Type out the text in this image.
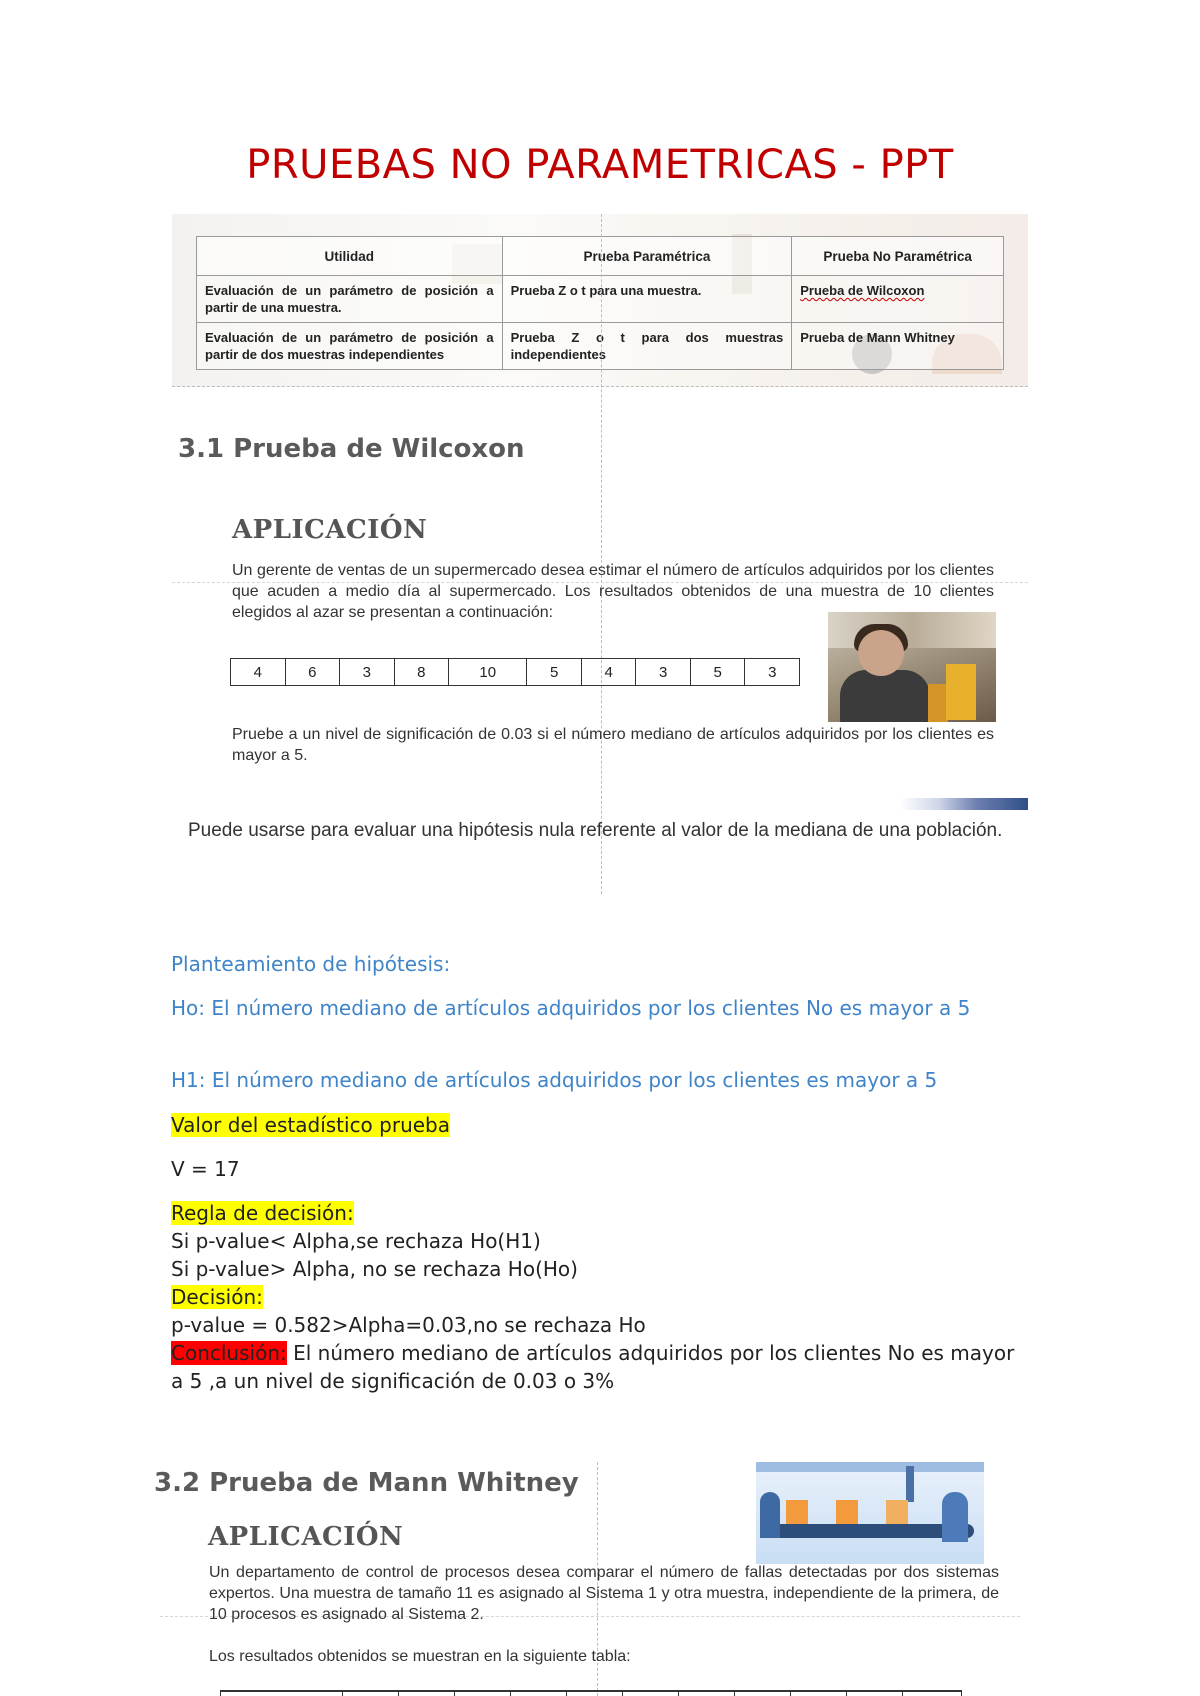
PRUEBAS NO PARAMETRICAS - PPT
Utilidad	Prueba Paramétrica	Prueba No Paramétrica
Evaluación de un parámetro de posición a partir de una muestra.	Prueba Z o t para una muestra.	Prueba de Wilcoxon
Evaluación de un parámetro de posición a partir de dos muestras independientes	Prueba Z o t para dos muestras independientes	Prueba de Mann Whitney
3.1 Prueba de Wilcoxon
APLICACIÓN
Un gerente de ventas de un supermercado desea estimar el número de artículos adquiridos por los clientes que acuden a medio día al supermercado. Los resultados obtenidos de una muestra de 10 clientes elegidos al azar se presentan a continuación:
4	6	3	8	10	5	4	3	5	3
Pruebe a un nivel de significación de 0.03 si el número mediano de artículos adquiridos por los clientes es mayor a 5.
Puede usarse para evaluar una hipótesis nula referente al valor de la mediana de una población.
Planteamiento de hipótesis:
Ho: El número mediano de artículos adquiridos por los clientes No es mayor a 5
H1: El número mediano de artículos adquiridos por los clientes es mayor a 5
Valor del estadístico prueba
V = 17
Regla de decisión:
Si p-value< Alpha,se rechaza Ho(H1)
Si p-value> Alpha, no se rechaza Ho(Ho)
Decisión:
p-value = 0.582>Alpha=0.03,no se rechaza Ho
Conclusión: El número mediano de artículos adquiridos por los clientes No es mayor a 5 ,a un nivel de significación de 0.03 o 3%
3.2 Prueba de Mann Whitney
APLICACIÓN
Un departamento de control de procesos desea comparar el número de fallas detectadas por dos sistemas expertos. Una muestra de tamaño 11 es asignado al Sistema 1 y otra muestra, independiente de la primera, de 10 procesos es asignado al Sistema 2.
Los resultados obtenidos se muestran en la siguiente tabla:
